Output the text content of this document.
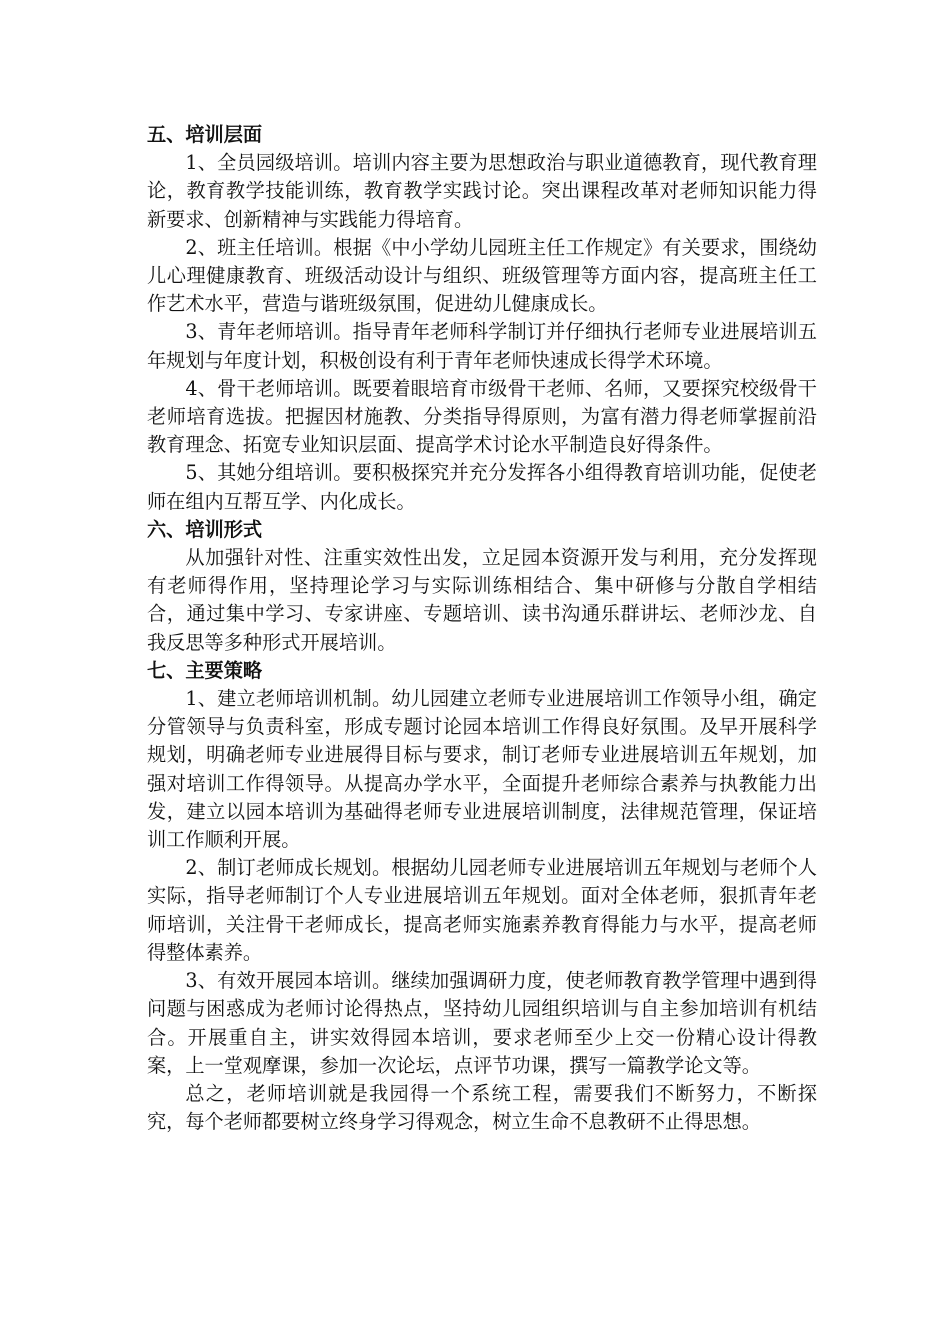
五、培训层面

1、全员园级培训。培训内容主要为思想政治与职业道德教育，现代教育理论，教育教学技能训练，教育教学实践讨论。突出课程改革对老师知识能力得新要求、创新精神与实践能力得培育。

2、班主任培训。根据《中小学幼儿园班主任工作规定》有关要求，围绕幼儿心理健康教育、班级活动设计与组织、班级管理等方面内容，提高班主任工作艺术水平，营造与谐班级氛围，促进幼儿健康成长。

3、青年老师培训。指导青年老师科学制订并仔细执行老师专业进展培训五年规划与年度计划，积极创设有利于青年老师快速成长得学术环境。

4、骨干老师培训。既要着眼培育市级骨干老师、名师，又要探究校级骨干老师培育选拔。把握因材施教、分类指导得原则，为富有潜力得老师掌握前沿教育理念、拓宽专业知识层面、提高学术讨论水平制造良好得条件。

5、其她分组培训。要积极探究并充分发挥各小组得教育培训功能，促使老师在组内互帮互学、内化成长。

六、培训形式

从加强针对性、注重实效性出发，立足园本资源开发与利用，充分发挥现有老师得作用，坚持理论学习与实际训练相结合、集中研修与分散自学相结合，通过集中学习、专家讲座、专题培训、读书沟通乐群讲坛、老师沙龙、自我反思等多种形式开展培训。

七、主要策略

1、建立老师培训机制。幼儿园建立老师专业进展培训工作领导小组，确定分管领导与负责科室，形成专题讨论园本培训工作得良好氛围。及早开展科学规划，明确老师专业进展得目标与要求，制订老师专业进展培训五年规划，加强对培训工作得领导。从提高办学水平，全面提升老师综合素养与执教能力出发，建立以园本培训为基础得老师专业进展培训制度，法律规范管理，保证培训工作顺利开展。

2、制订老师成长规划。根据幼儿园老师专业进展培训五年规划与老师个人实际，指导老师制订个人专业进展培训五年规划。面对全体老师，狠抓青年老师培训，关注骨干老师成长，提高老师实施素养教育得能力与水平，提高老师得整体素养。

3、有效开展园本培训。继续加强调研力度，使老师教育教学管理中遇到得问题与困惑成为老师讨论得热点，坚持幼儿园组织培训与自主参加培训有机结合。开展重自主，讲实效得园本培训，要求老师至少上交一份精心设计得教案，上一堂观摩课，参加一次论坛，点评节功课，撰写一篇教学论文等。

总之，老师培训就是我园得一个系统工程，需要我们不断努力，不断探究，每个老师都要树立终身学习得观念，树立生命不息教研不止得思想。
